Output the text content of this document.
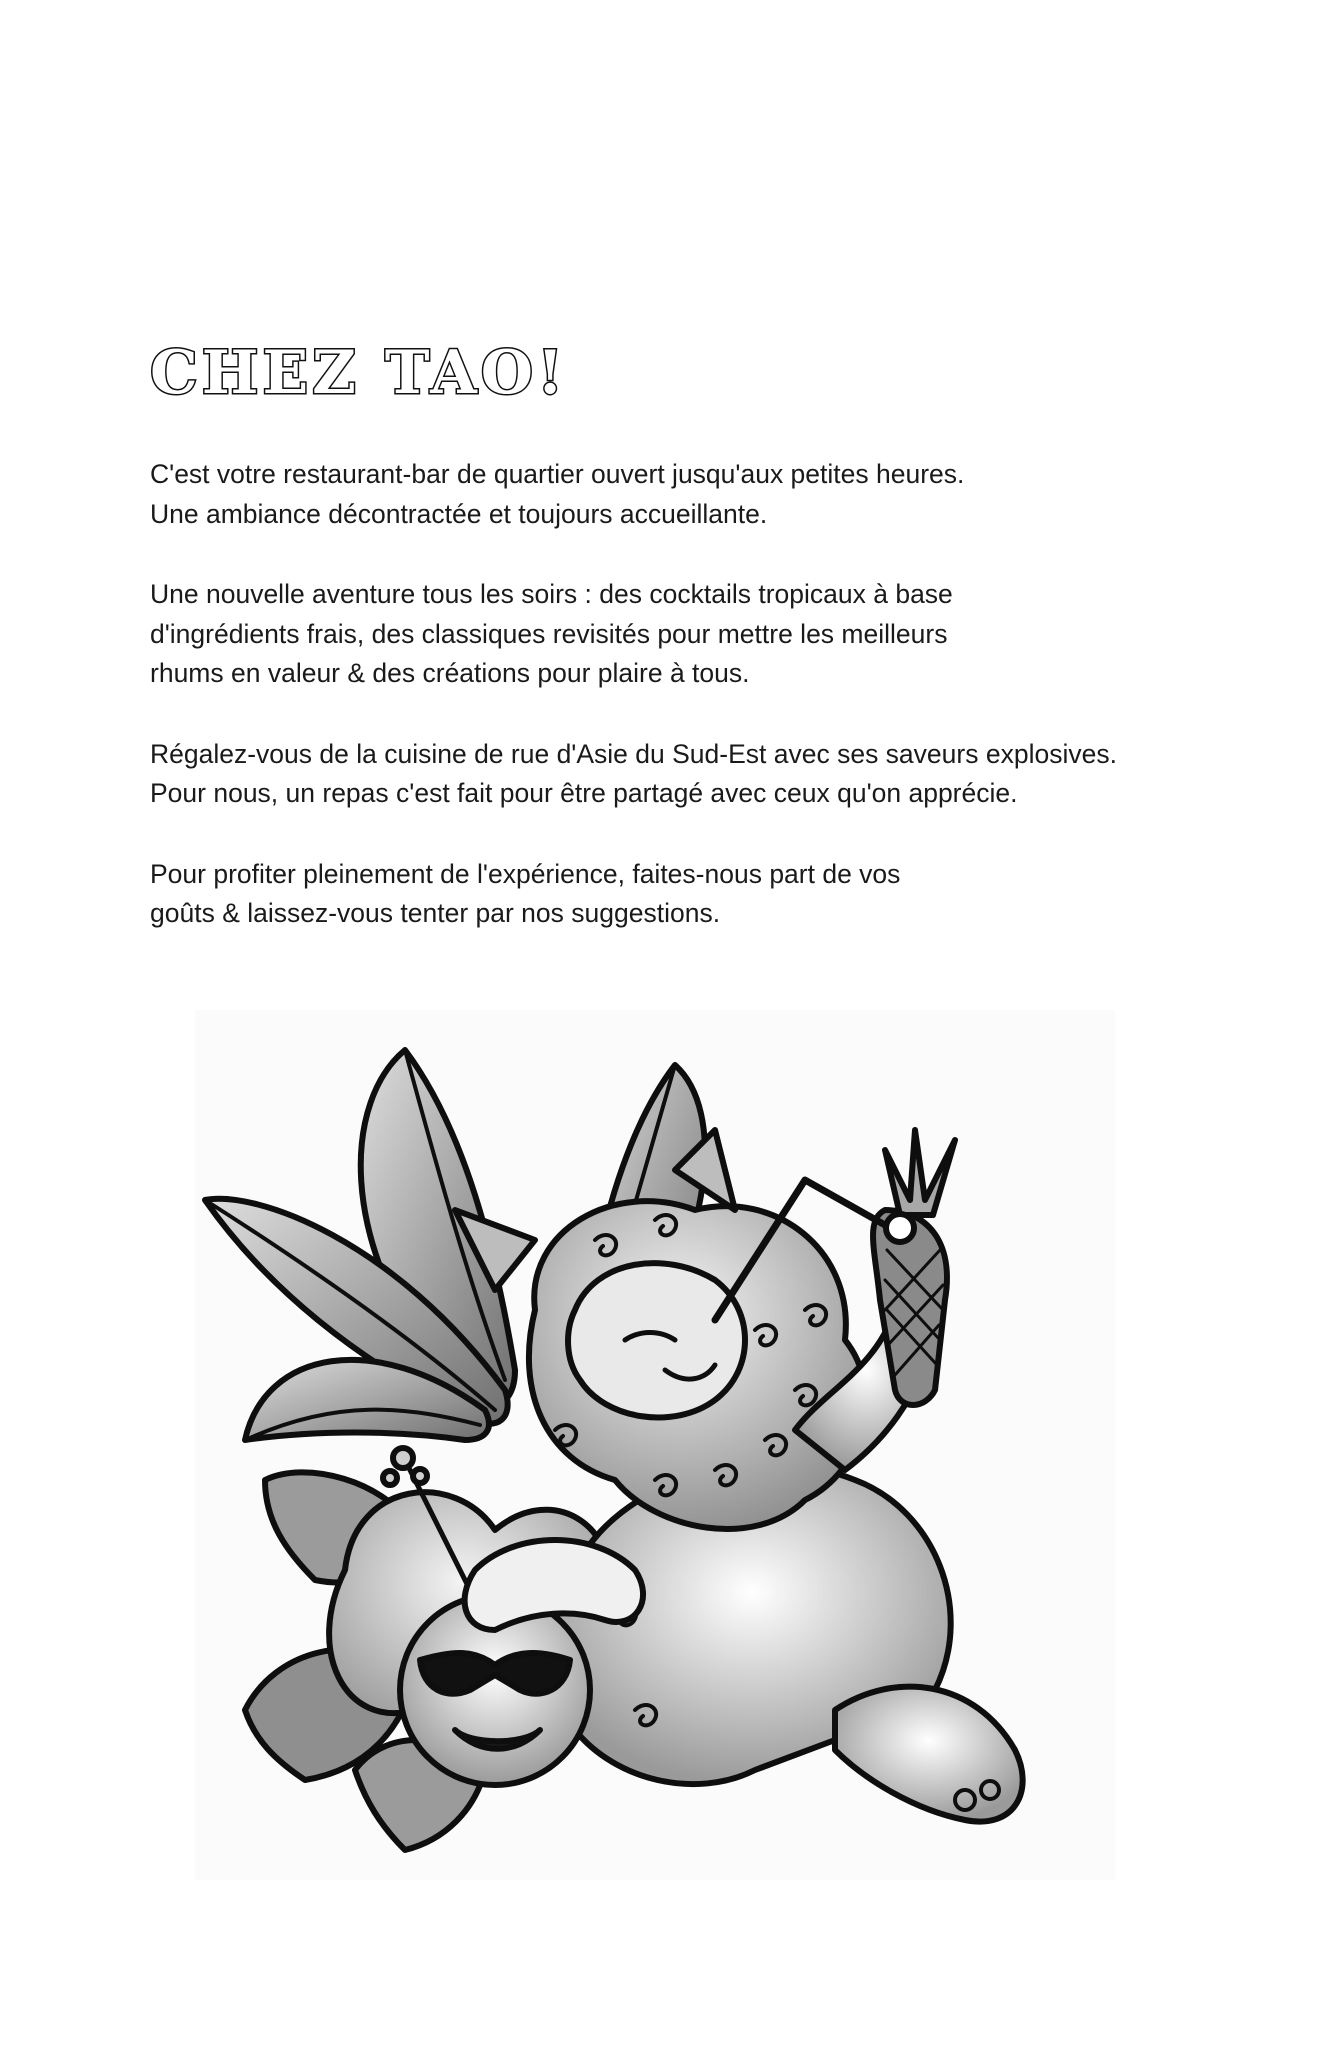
CHEZ TAO!

C'est votre restaurant-bar de quartier ouvert jusqu'aux petites heures.
Une ambiance décontractée et toujours accueillante.

Une nouvelle aventure tous les soirs : des cocktails tropicaux à base
d'ingrédients frais, des classiques revisités pour mettre les meilleurs
rhums en valeur & des créations pour plaire à tous.

Régalez-vous de la cuisine de rue d'Asie du Sud-Est avec ses saveurs explosives.
Pour nous, un repas c'est fait pour être partagé avec ceux qu'on apprécie.

Pour profiter pleinement de l'expérience, faites-nous part de vos
goûts & laissez-vous tenter par nos suggestions.
